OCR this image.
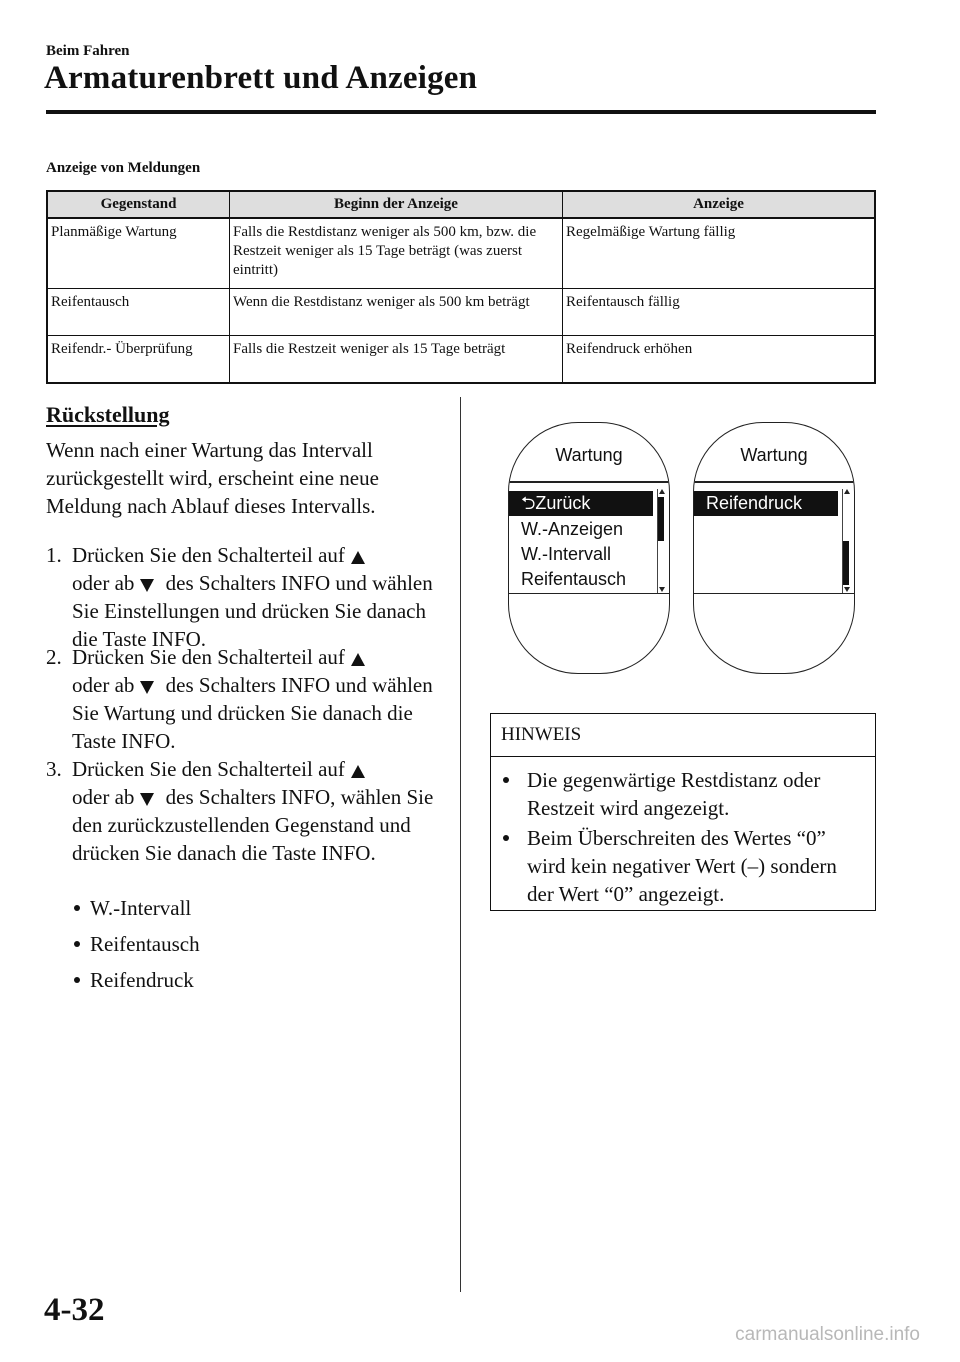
Beim Fahren
Armaturenbrett und Anzeigen
Anzeige von Meldungen
Gegenstand	Beginn der Anzeige	Anzeige
Planmäßige Wartung	Falls die Restdistanz weniger als 500 km, bzw. die Restzeit weniger als 15 Tage beträgt (was zuerst eintritt)	Regelmäßige Wartung fällig
Reifentausch	Wenn die Restdistanz weniger als 500 km beträgt	Reifentausch fällig
Reifendr.- Überprüfung	Falls die Restzeit weniger als 15 Tage beträgt	Reifendruck erhöhen
Rückstellung
Wenn nach einer Wartung das Intervall zurückgestellt wird, erscheint eine neue Meldung nach Ablauf dieses Intervalls.
1. Drücken Sie den Schalterteil auf
oder ab des Schalters INFO und wählen Sie Einstellungen und drücken Sie danach die Taste INFO.
2. Drücken Sie den Schalterteil auf
oder ab des Schalters INFO und wählen Sie Wartung und drücken Sie danach die Taste INFO.
3. Drücken Sie den Schalterteil auf
oder ab des Schalters INFO, wählen Sie den zurückzustellenden Gegenstand und drücken Sie danach die Taste INFO.
W.-Intervall
Reifentausch
Reifendruck
Wartung
⮌Zurück
W.-Anzeigen
W.-Intervall
Reifentausch
Wartung
Reifendruck
HINWEIS
Die gegenwärtige Restdistanz oder Restzeit wird angezeigt.
Beim Überschreiten des Wertes “0” wird kein negativer Wert (–) sondern der Wert “0” angezeigt.
4-32
carmanualsonline.info
